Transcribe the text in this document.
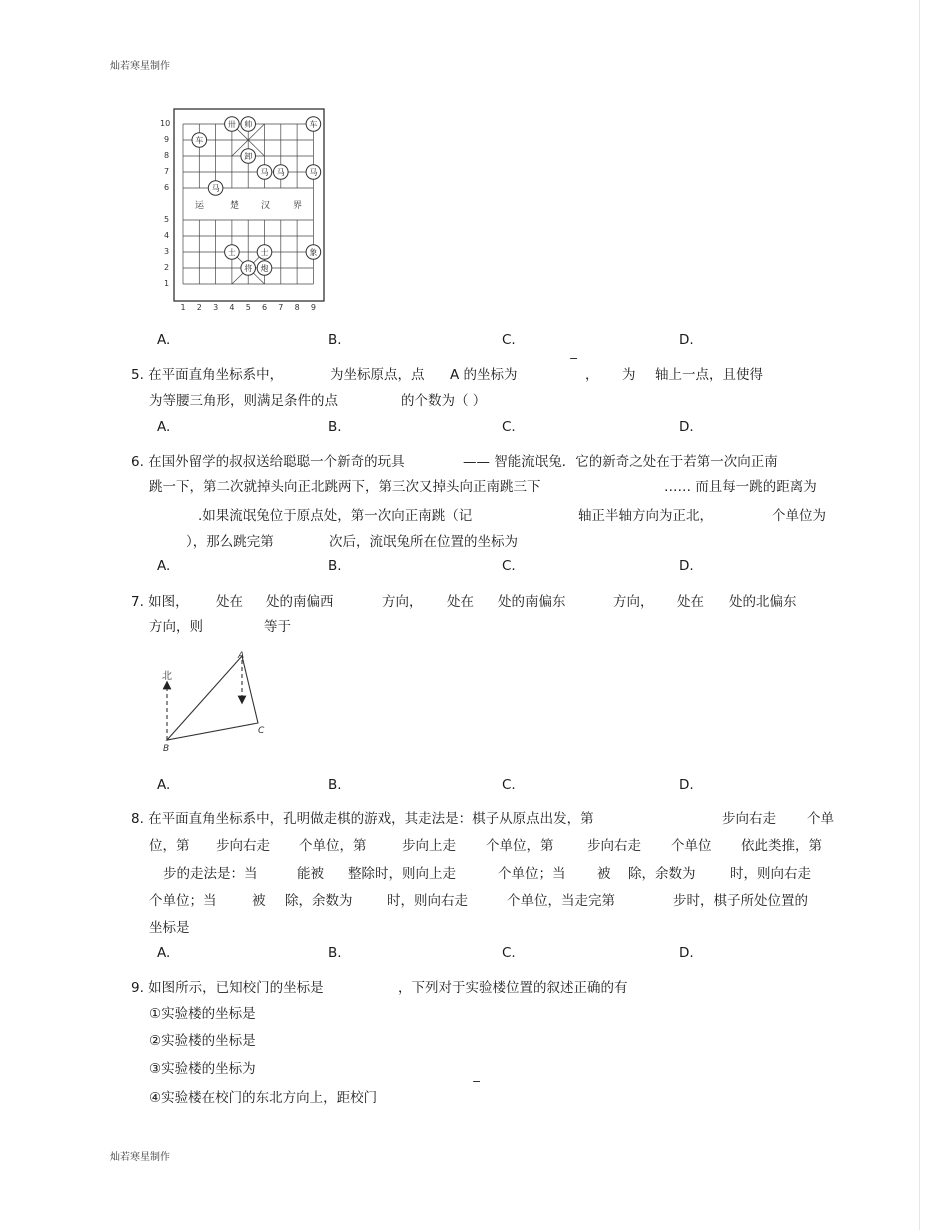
灿若寒星制作
10
9
8
7
6
5
4
3
2
1
1 2 3 4 5 6 7 8 9
运	楚 汉	界
车
卅 帅	车
卸
马
马	马
马
士	士	象
将 炮
A.	B.	C.	D.
5. 在平面直角坐标系中，	为坐标原点，点 A 的坐标为
−
， 为 轴上一点，且使得
为等腰三角形，则满足条件的点	的个数为（ ）
A.	B.	C.	D.
6. 在国外留学的叔叔送给聪聪一个新奇的玩具	—— 智能流氓兔．它的新奇之处在于若第一次向正南
跳一下，第二次就掉头向正北跳两下，第三次又掉头向正南跳三下	…… 而且每一跳的距离为
.如果流氓兔位于原点处，第一次向正南跳（记	轴正半轴方向为正北，	个单位为
），那么跳完第	次后，流氓兔所在位置的坐标为
A.	B.	C.	D.
7. 如图， 处在 处的南偏西	方向， 处在 处的南偏东	方向， 处在 处的北偏东
方向，则	等于
北
A
B
C
A.	B.	C.	D.
8. 在平面直角坐标系中，孔明做走棋的游戏，其走法是：棋子从原点出发，第	步向右走 个单
位，第 步向右走 个单位，第	步向上走 个单位，第 步向右走 个单位 依此类推，第
步的走法是：当	能被 整除时，则向上走	个单位；当 被 除，余数为	时，则向右走
个单位；当	被 除，余数为	时，则向右走	个单位，当走完第	步时，棋子所处位置的
坐标是
A.	B.	C.	D.
9. 如图所示，已知校门的坐标是	，下列对于实验楼位置的叙述正确的有
①实验楼的坐标是
②实验楼的坐标是
③实验楼的坐标为
④实验楼在校门的东北方向上，距校门
−
灿若寒星制作
